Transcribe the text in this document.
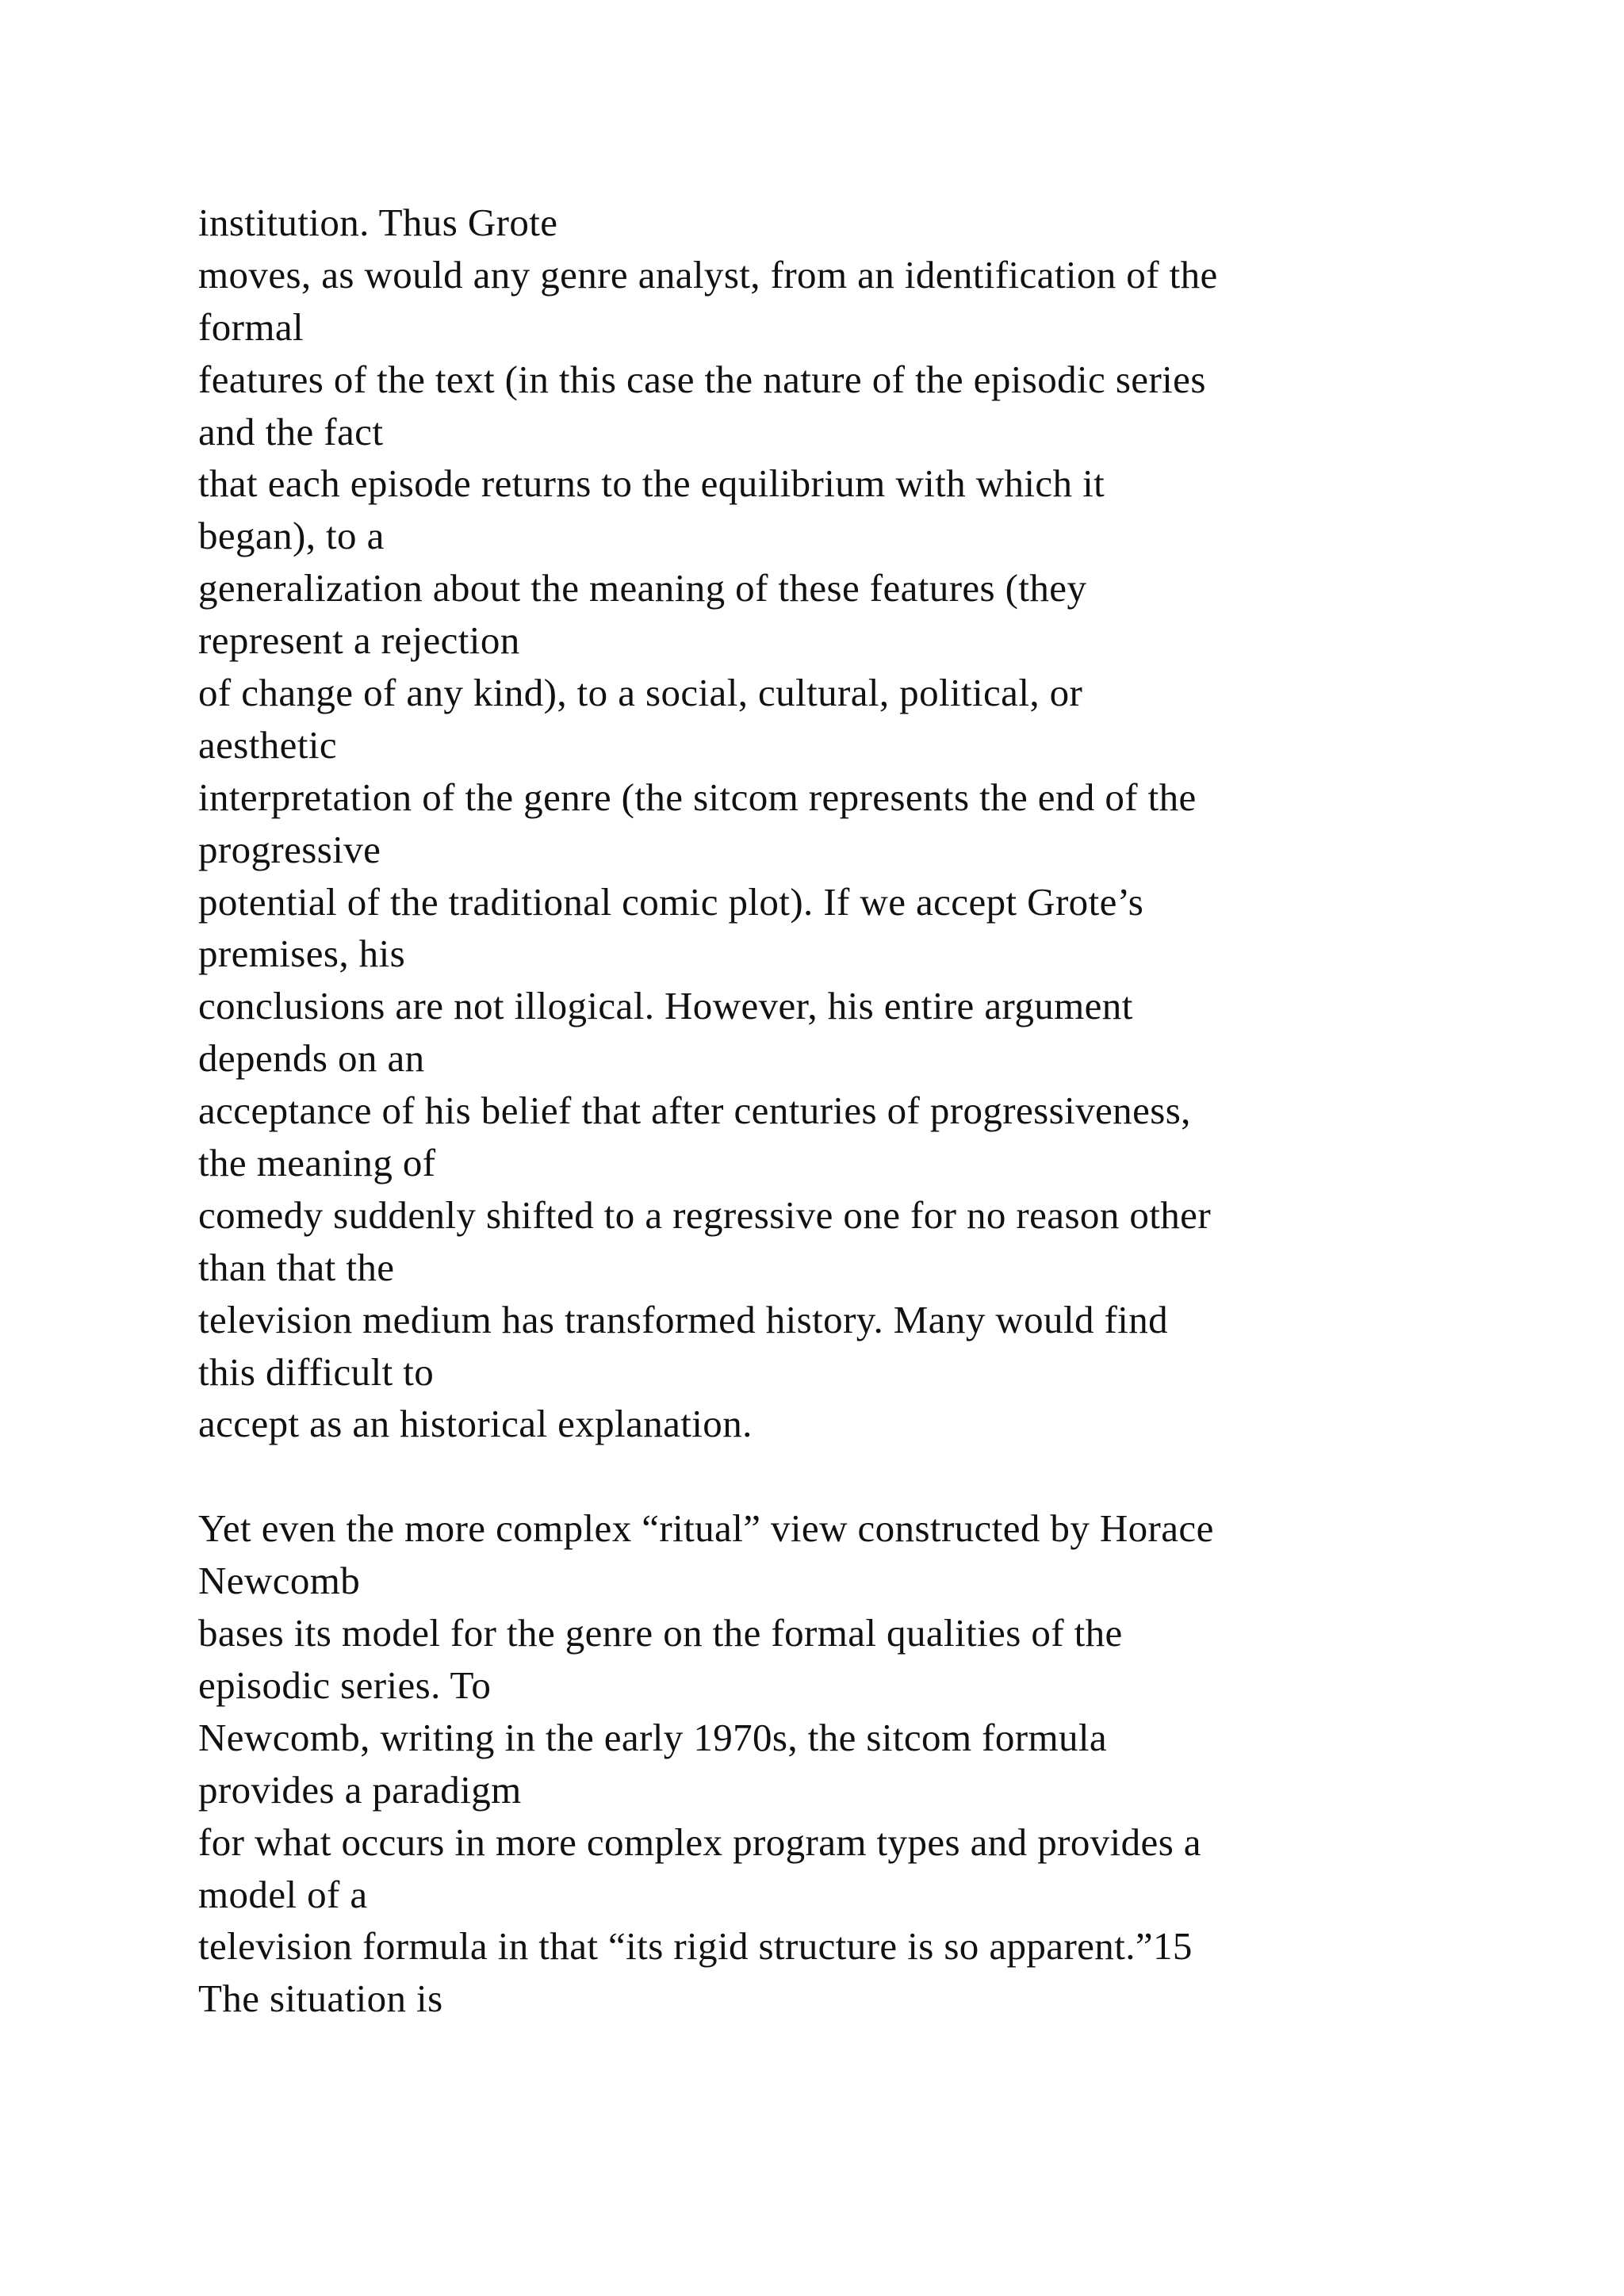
institution. Thus Grote
moves, as would any genre analyst, from an identification of the
formal
features of the text (in this case the nature of the episodic series
and the fact
that each episode returns to the equilibrium with which it
began), to a
generalization about the meaning of these features (they
represent a rejection
of change of any kind), to a social, cultural, political, or
aesthetic
interpretation of the genre (the sitcom represents the end of the
progressive
potential of the traditional comic plot). If we accept Grote’s
premises, his
conclusions are not illogical. However, his entire argument
depends on an
acceptance of his belief that after centuries of progressiveness,
the meaning of
comedy suddenly shifted to a regressive one for no reason other
than that the
television medium has transformed history. Many would find
this difficult to
accept as an historical explanation.
Yet even the more complex “ritual” view constructed by Horace
Newcomb
bases its model for the genre on the formal qualities of the
episodic series. To
Newcomb, writing in the early 1970s, the sitcom formula
provides a paradigm
for what occurs in more complex program types and provides a
model of a
television formula in that “its rigid structure is so apparent.”15
The situation is
